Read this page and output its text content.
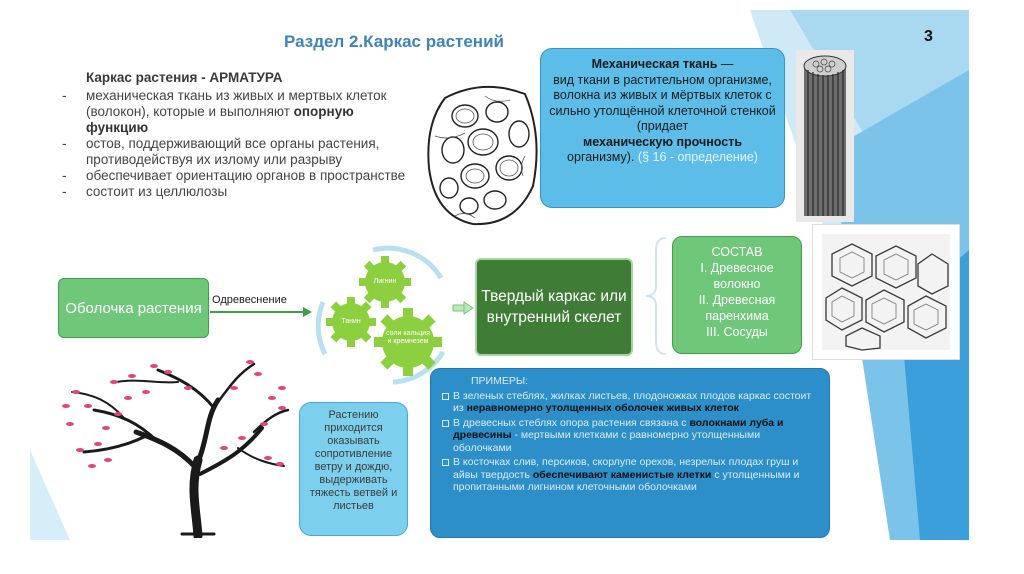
Раздел 2.Каркас растений	3
Каркас растения - АРМАТУРА
- механическая ткань из живых и мертвых клеток (волокон), которые и выполняют опорную функцию
- остов, поддерживающий все органы растения, противодействуя их излому или разрыву
- обеспечивает ориентацию органов в пространстве
- состоит из целлюлозы
Механическая ткань —
вид ткани в растительном организме, волокна из живых и мёртвых клеток с сильно утолщённой клеточной стенкой (придает
механическую прочность
организму). (§ 16 - определение)
Оболочка растения Одревеснение
Лигнин
Танин
соли кальция и кремнезем
Твердый каркас или внутренний скелет
СОСТАВ
I. Древесное волокно
II. Древесная паренхима
III. Сосуды
Растению приходится оказывать сопротивление ветру и дождю, выдерживать тяжесть ветвей и листьев
ПРИМЕРЫ:
В зеленых стеблях, жилках листьев, плодоножках плодов каркас состоит из неравномерно утолщенных оболочек живых клеток
В древесных стеблях опора растения связана с волокнами луба и древесины - мертвыми клетками с равномерно утолщенными оболочками
В косточках слив, персиков, скорлупе орехов, незрелых плодах груш и айвы твердость обеспечивают каменистые клетки с утолщенными и пропитанными лигнином клеточными оболочками
